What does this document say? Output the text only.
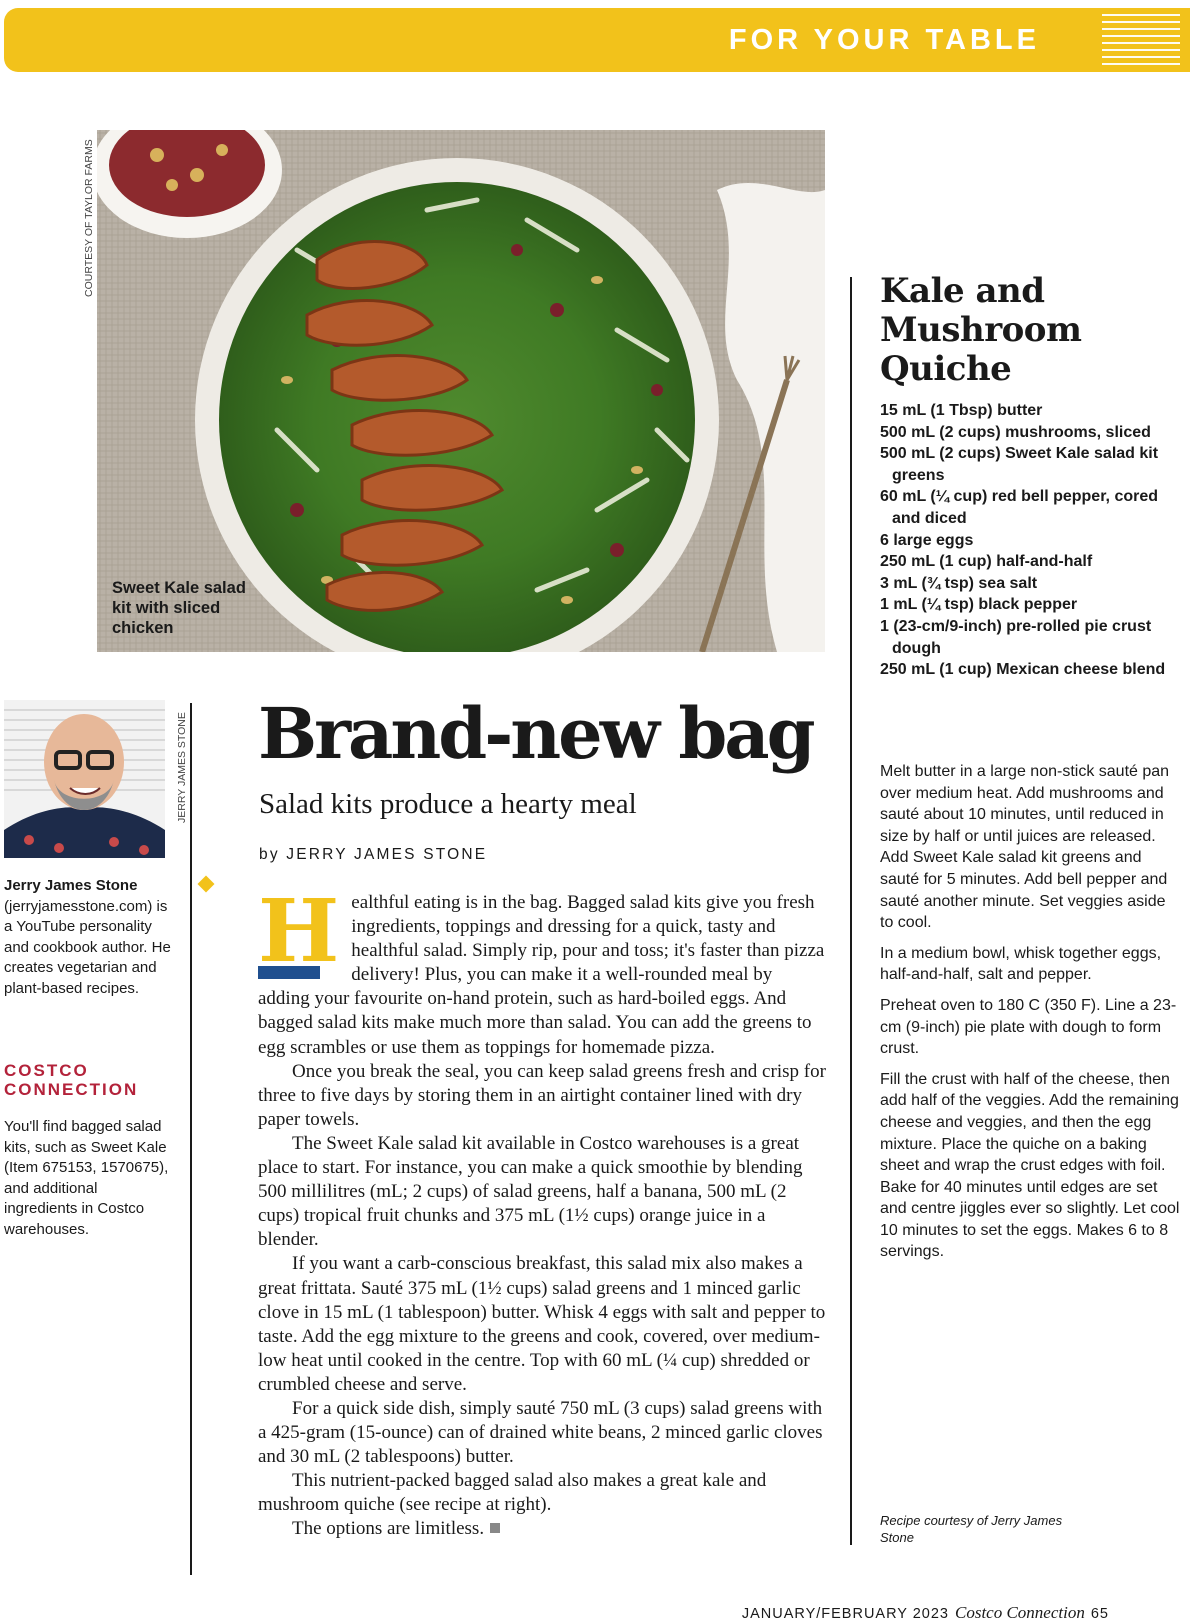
FOR YOUR TABLE
COURTESY OF TAYLOR FARMS
Sweet Kale salad kit with sliced chicken
JERRY JAMES STONE
Jerry James Stone
(jerryjamesstone.com) is a YouTube personality and cookbook author. He creates vegetarian and plant-based recipes.
COSTCO CONNECTION
You'll find bagged salad kits, such as Sweet Kale (Item 675153, 1570675), and additional ingredients in Costco warehouses.
Brand-new bag
Salad kits produce a hearty meal
by JERRY JAMES STONE

Healthful eating is in the bag. Bagged salad kits give you fresh ingredients, toppings and dressing for a quick, tasty and healthful salad. Simply rip, pour and toss; it's faster than pizza delivery! Plus, you can make it a well-rounded meal by adding your favourite on-hand protein, such as hard-boiled eggs. And bagged salad kits make much more than salad. You can add the greens to egg scrambles or use them as toppings for homemade pizza.

Once you break the seal, you can keep salad greens fresh and crisp for three to five days by storing them in an airtight container lined with dry paper towels.

The Sweet Kale salad kit available in Costco warehouses is a great place to start. For instance, you can make a quick smoothie by blending 500 millilitres (mL; 2 cups) of salad greens, half a banana, 500 mL (2 cups) tropical fruit chunks and 375 mL (1½ cups) orange juice in a blender.

If you want a carb-conscious breakfast, this salad mix also makes a great frittata. Sauté 375 mL (1½ cups) salad greens and 1 minced garlic clove in 15 mL (1 tablespoon) butter. Whisk 4 eggs with salt and pepper to taste. Add the egg mixture to the greens and cook, covered, over medium-low heat until cooked in the centre. Top with 60 mL (¼ cup) shredded or crumbled cheese and serve.

For a quick side dish, simply sauté 750 mL (3 cups) salad greens with a 425-gram (15-ounce) can of drained white beans, 2 minced garlic cloves and 30 mL (2 tablespoons) butter.

This nutrient-packed bagged salad also makes a great kale and mushroom quiche (see recipe at right).

The options are limitless.

Kale and Mushroom Quiche
15 mL (1 Tbsp) butter
500 mL (2 cups) mushrooms, sliced
500 mL (2 cups) Sweet Kale salad kit greens
60 mL (¼ cup) red bell pepper, cored and diced
6 large eggs
250 mL (1 cup) half-and-half
3 mL (¾ tsp) sea salt
1 mL (¼ tsp) black pepper
1 (23-cm/9-inch) pre-rolled pie crust dough
250 mL (1 cup) Mexican cheese blend

Melt butter in a large non-stick sauté pan over medium heat. Add mushrooms and sauté about 10 minutes, until reduced in size by half or until juices are released. Add Sweet Kale salad kit greens and sauté for 5 minutes. Add bell pepper and sauté another minute. Set veggies aside to cool.

In a medium bowl, whisk together eggs, half-and-half, salt and pepper.

Preheat oven to 180 C (350 F). Line a 23-cm (9-inch) pie plate with dough to form crust.

Fill the crust with half of the cheese, then add half of the veggies. Add the remaining cheese and veggies, and then the egg mixture. Place the quiche on a baking sheet and wrap the crust edges with foil. Bake for 40 minutes until edges are set and centre jiggles ever so slightly. Let cool 10 minutes to set the eggs. Makes 6 to 8 servings.

Recipe courtesy of Jerry James Stone
JANUARY/FEBRUARY 2023 Costco Connection 65
